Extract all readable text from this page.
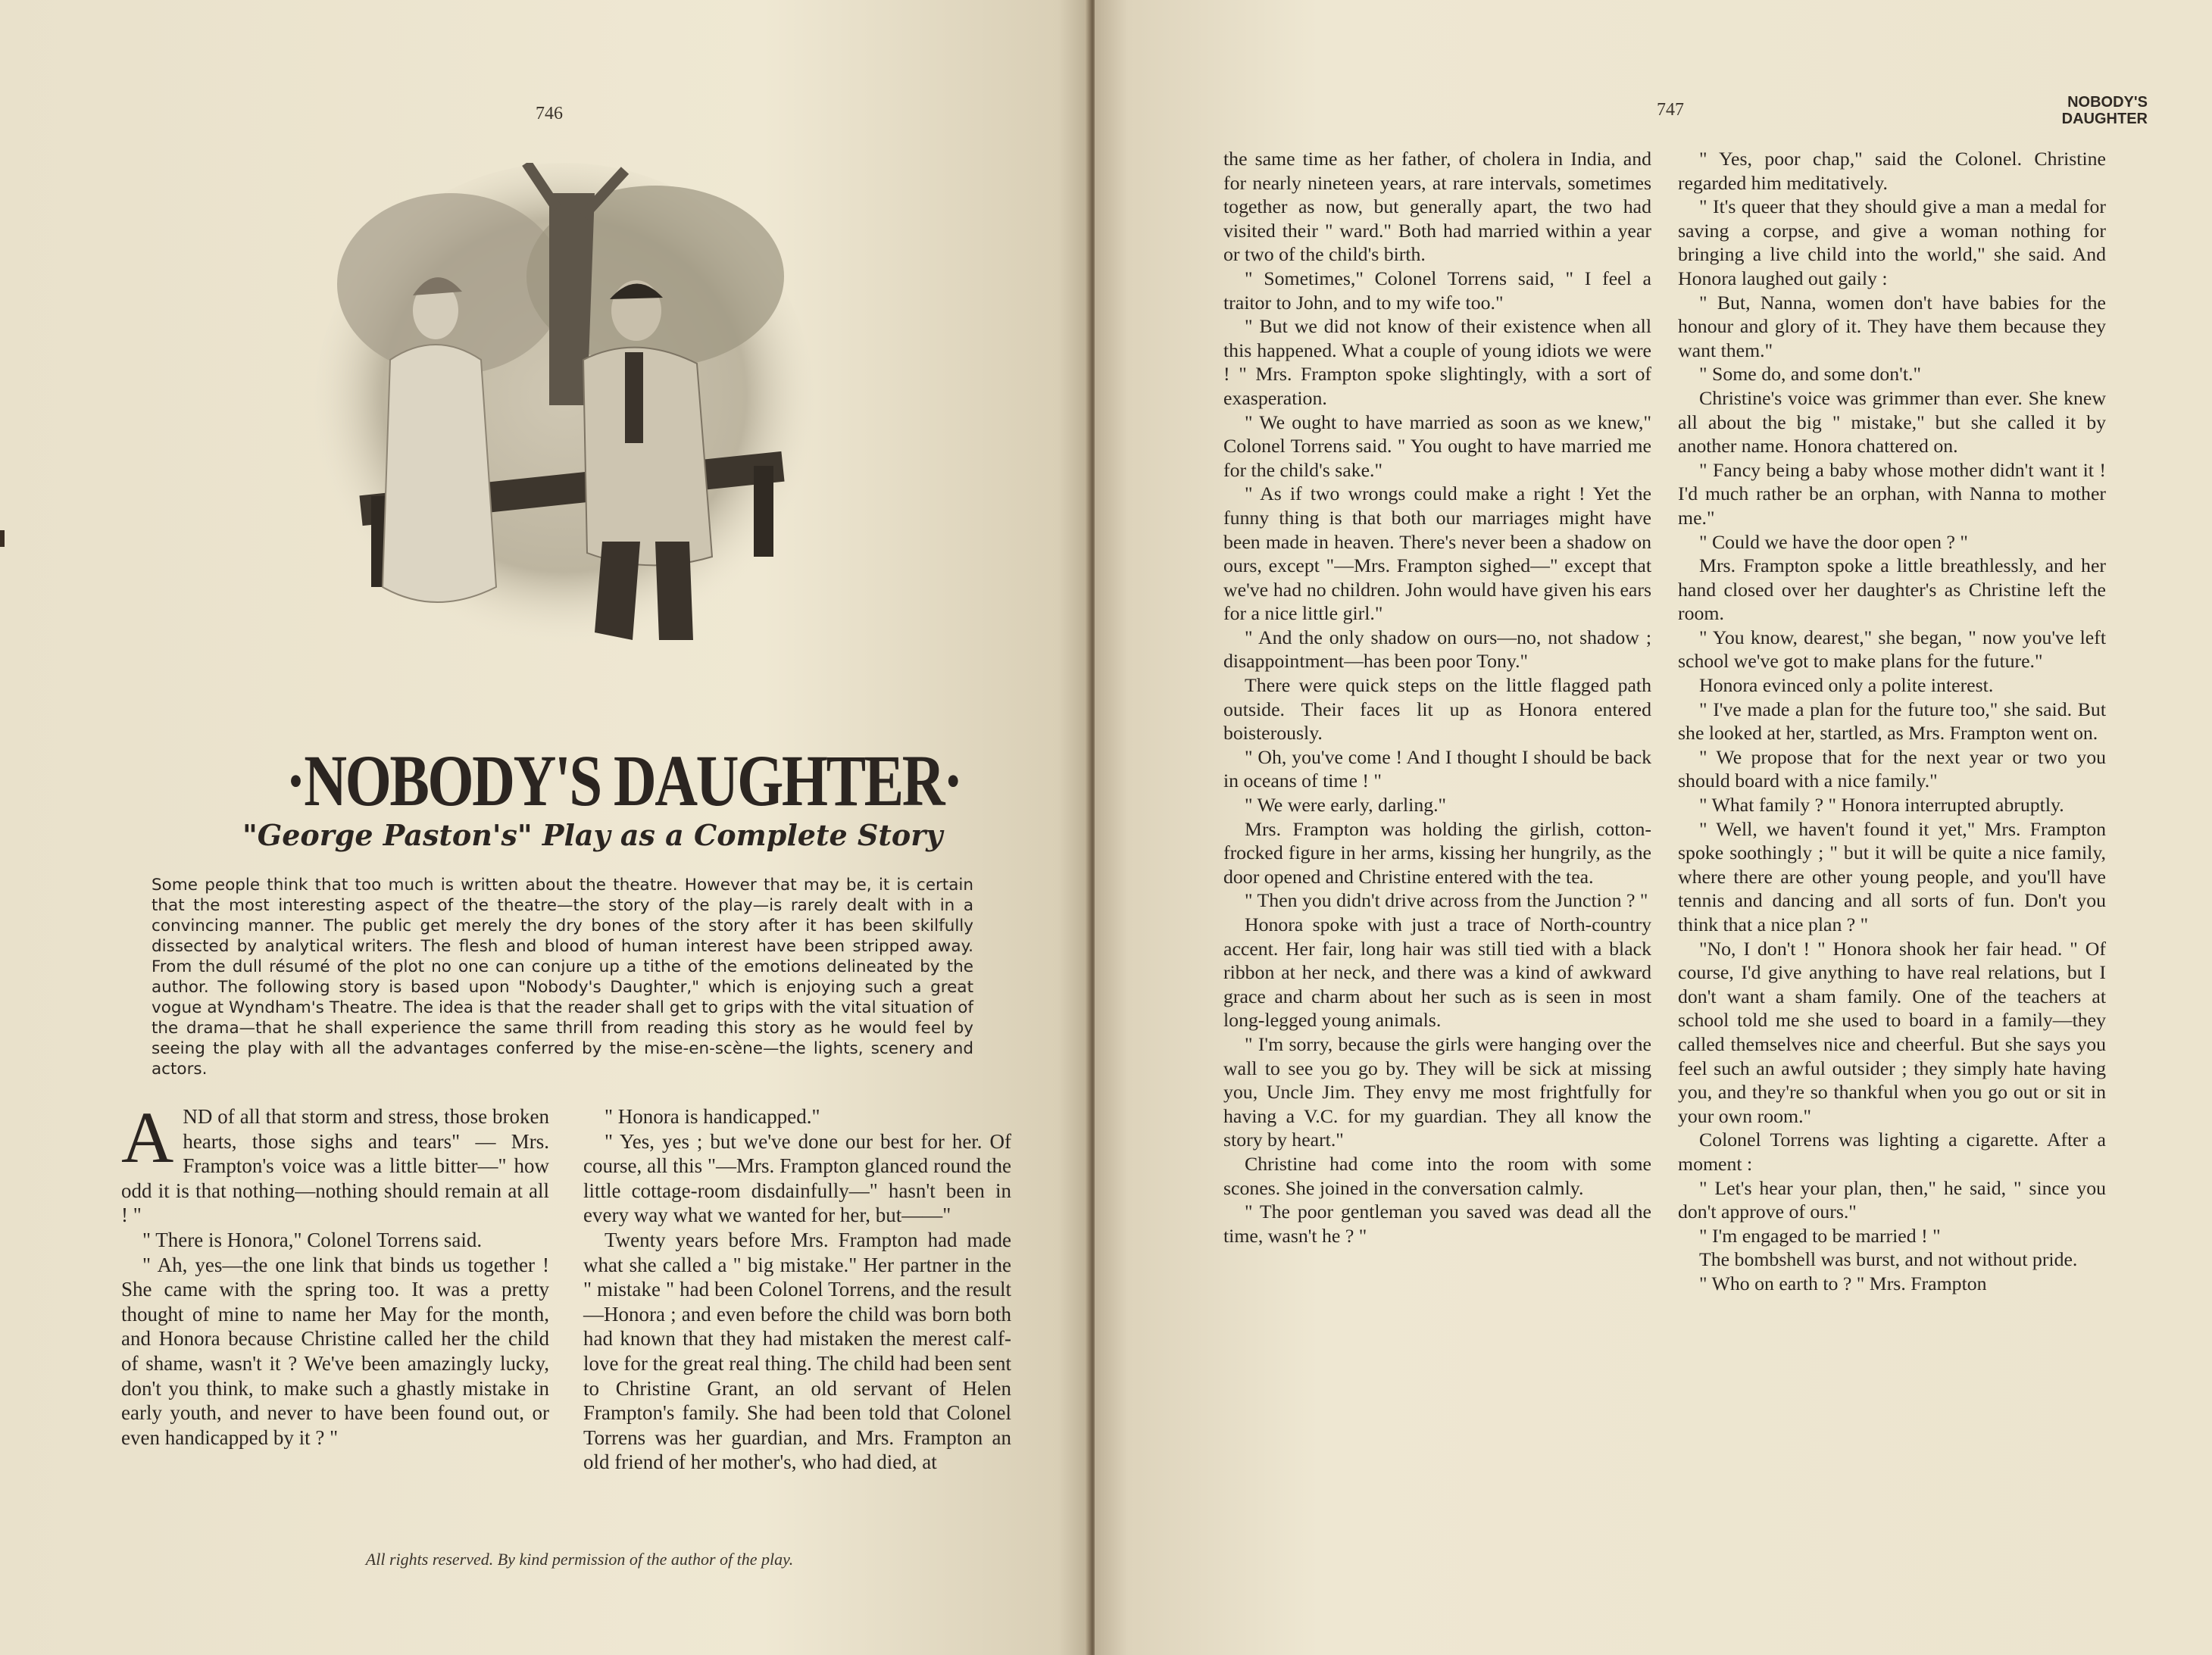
746
·NOBODY'S DAUGHTER·
"George Paston's" Play as a Complete Story
Some people think that too much is written about the theatre. However that may be, it is certain that the most interesting aspect of the theatre—the story of the play—is rarely dealt with in a convincing manner. The public get merely the dry bones of the story after it has been skilfully dissected by analytical writers. The flesh and blood of human interest have been stripped away. From the dull résumé of the plot no one can conjure up a tithe of the emotions delineated by the author. The following story is based upon "Nobody's Daughter," which is enjoying such a great vogue at Wyndham's Theatre. The idea is that the reader shall get to grips with the vital situation of the drama—that he shall experience the same thrill from reading this story as he would feel by seeing the play with all the advantages conferred by the mise-en-scène—the lights, scenery and actors.

AND of all that storm and stress, those broken hearts, those sighs and tears" — Mrs. Frampton's voice was a little bitter—" how odd it is that nothing—nothing should remain at all ! "

" There is Honora," Colonel Torrens said.

" Ah, yes—the one link that binds us together ! She came with the spring too. It was a pretty thought of mine to name her May for the month, and Honora because Christine called her the child of shame, wasn't it ? We've been amazingly lucky, don't you think, to make such a ghastly mistake in early youth, and never to have been found out, or even handicapped by it ? "

" Honora is handicapped."

" Yes, yes ; but we've done our best for her. Of course, all this "—Mrs. Frampton glanced round the little cottage-room disdainfully—" hasn't been in every way what we wanted for her, but——"

Twenty years before Mrs. Frampton had made what she called a " big mistake." Her partner in the " mistake " had been Colonel Torrens, and the result—Honora ; and even before the child was born both had known that they had mistaken the merest calf-love for the great real thing. The child had been sent to Christine Grant, an old servant of Helen Frampton's family. She had been told that Colonel Torrens was her guardian, and Mrs. Frampton an old friend of her mother's, who had died, at

All rights reserved. By kind permission of the author of the play.
747	NOBODY'S
DAUGHTER

the same time as her father, of cholera in India, and for nearly nineteen years, at rare intervals, sometimes together as now, but generally apart, the two had visited their " ward." Both had married within a year or two of the child's birth.

" Sometimes," Colonel Torrens said, " I feel a traitor to John, and to my wife too."

" But we did not know of their existence when all this happened. What a couple of young idiots we were ! " Mrs. Frampton spoke slightingly, with a sort of exasperation.

" We ought to have married as soon as we knew," Colonel Torrens said. " You ought to have married me for the child's sake."

" As if two wrongs could make a right ! Yet the funny thing is that both our marriages might have been made in heaven. There's never been a shadow on ours, except "—Mrs. Frampton sighed—" except that we've had no children. John would have given his ears for a nice little girl."

" And the only shadow on ours—no, not shadow ; disappointment—has been poor Tony."

There were quick steps on the little flagged path outside. Their faces lit up as Honora entered boisterously.

" Oh, you've come ! And I thought I should be back in oceans of time ! "

" We were early, darling."

Mrs. Frampton was holding the girlish, cotton-frocked figure in her arms, kissing her hungrily, as the door opened and Christine entered with the tea.

" Then you didn't drive across from the Junction ? "

Honora spoke with just a trace of North-country accent. Her fair, long hair was still tied with a black ribbon at her neck, and there was a kind of awkward grace and charm about her such as is seen in most long-legged young animals.

" I'm sorry, because the girls were hanging over the wall to see you go by. They will be sick at missing you, Uncle Jim. They envy me most frightfully for having a V.C. for my guardian. They all know the story by heart."

Christine had come into the room with some scones. She joined in the conversation calmly.

" The poor gentleman you saved was dead all the time, wasn't he ? "

" Yes, poor chap," said the Colonel. Christine regarded him meditatively.

" It's queer that they should give a man a medal for saving a corpse, and give a woman nothing for bringing a live child into the world," she said. And Honora laughed out gaily :

" But, Nanna, women don't have babies for the honour and glory of it. They have them because they want them."

" Some do, and some don't."

Christine's voice was grimmer than ever. She knew all about the big " mistake," but she called it by another name. Honora chattered on.

" Fancy being a baby whose mother didn't want it ! I'd much rather be an orphan, with Nanna to mother me."

" Could we have the door open ? "

Mrs. Frampton spoke a little breathlessly, and her hand closed over her daughter's as Christine left the room.

" You know, dearest," she began, " now you've left school we've got to make plans for the future."

Honora evinced only a polite interest.

" I've made a plan for the future too," she said. But she looked at her, startled, as Mrs. Frampton went on.

" We propose that for the next year or two you should board with a nice family."

" What family ? " Honora interrupted abruptly.

" Well, we haven't found it yet," Mrs. Frampton spoke soothingly ; " but it will be quite a nice family, where there are other young people, and you'll have tennis and dancing and all sorts of fun. Don't you think that a nice plan ? "

"No, I don't ! " Honora shook her fair head. " Of course, I'd give anything to have real relations, but I don't want a sham family. One of the teachers at school told me she used to board in a family—they called themselves nice and cheerful. But she says you feel such an awful outsider ; they simply hate having you, and they're so thankful when you go out or sit in your own room."

Colonel Torrens was lighting a cigarette. After a moment :

" Let's hear your plan, then," he said, " since you don't approve of ours."

" I'm engaged to be married ! "

The bombshell was burst, and not without pride.

" Who on earth to ? " Mrs. Frampton
